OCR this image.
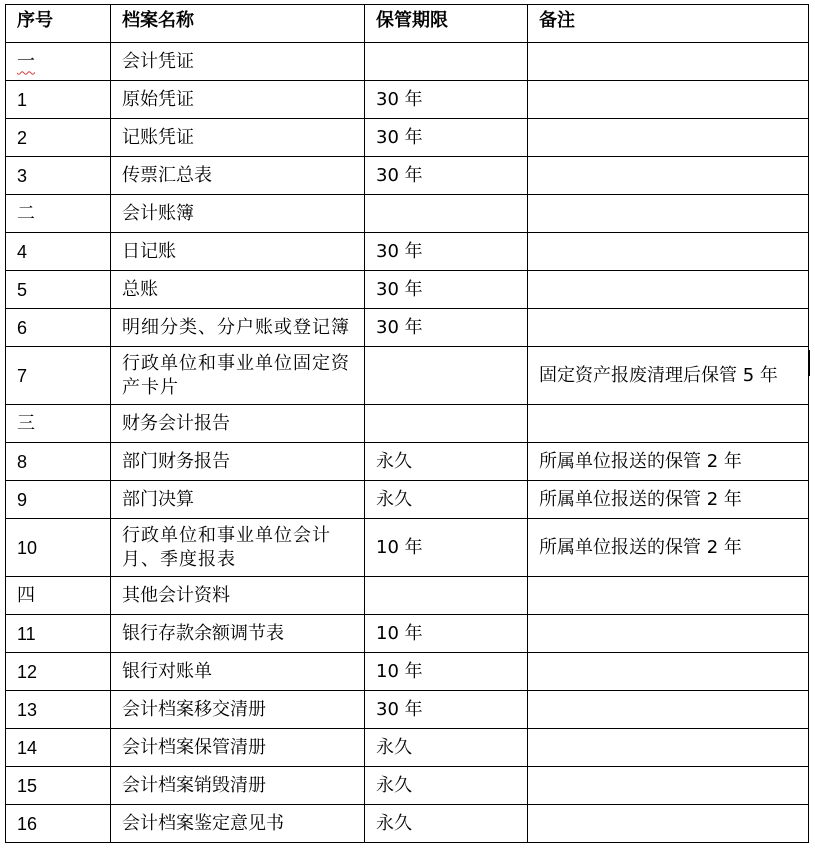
序号	档案名称	保管期限	备注
一	会计凭证		
1	原始凭证	30 年	
2	记账凭证	30 年	
3	传票汇总表	30 年	
二	会计账簿		
4	日记账	30 年	
5	总账	30 年	
6	明细分类、分户账或登记簿	30 年	
7	行政单位和事业单位固定资产卡片		固定资产报废清理后保管 5 年
三	财务会计报告		
8	部门财务报告	永久	所属单位报送的保管 2 年
9	部门决算	永久	所属单位报送的保管 2 年
10	行政单位和事业单位会计月、季度报表	10 年	所属单位报送的保管 2 年
四	其他会计资料		
11	银行存款余额调节表	10 年	
12	银行对账单	10 年	
13	会计档案移交清册	30 年	
14	会计档案保管清册	永久	
15	会计档案销毁清册	永久	
16	会计档案鉴定意见书	永久	
